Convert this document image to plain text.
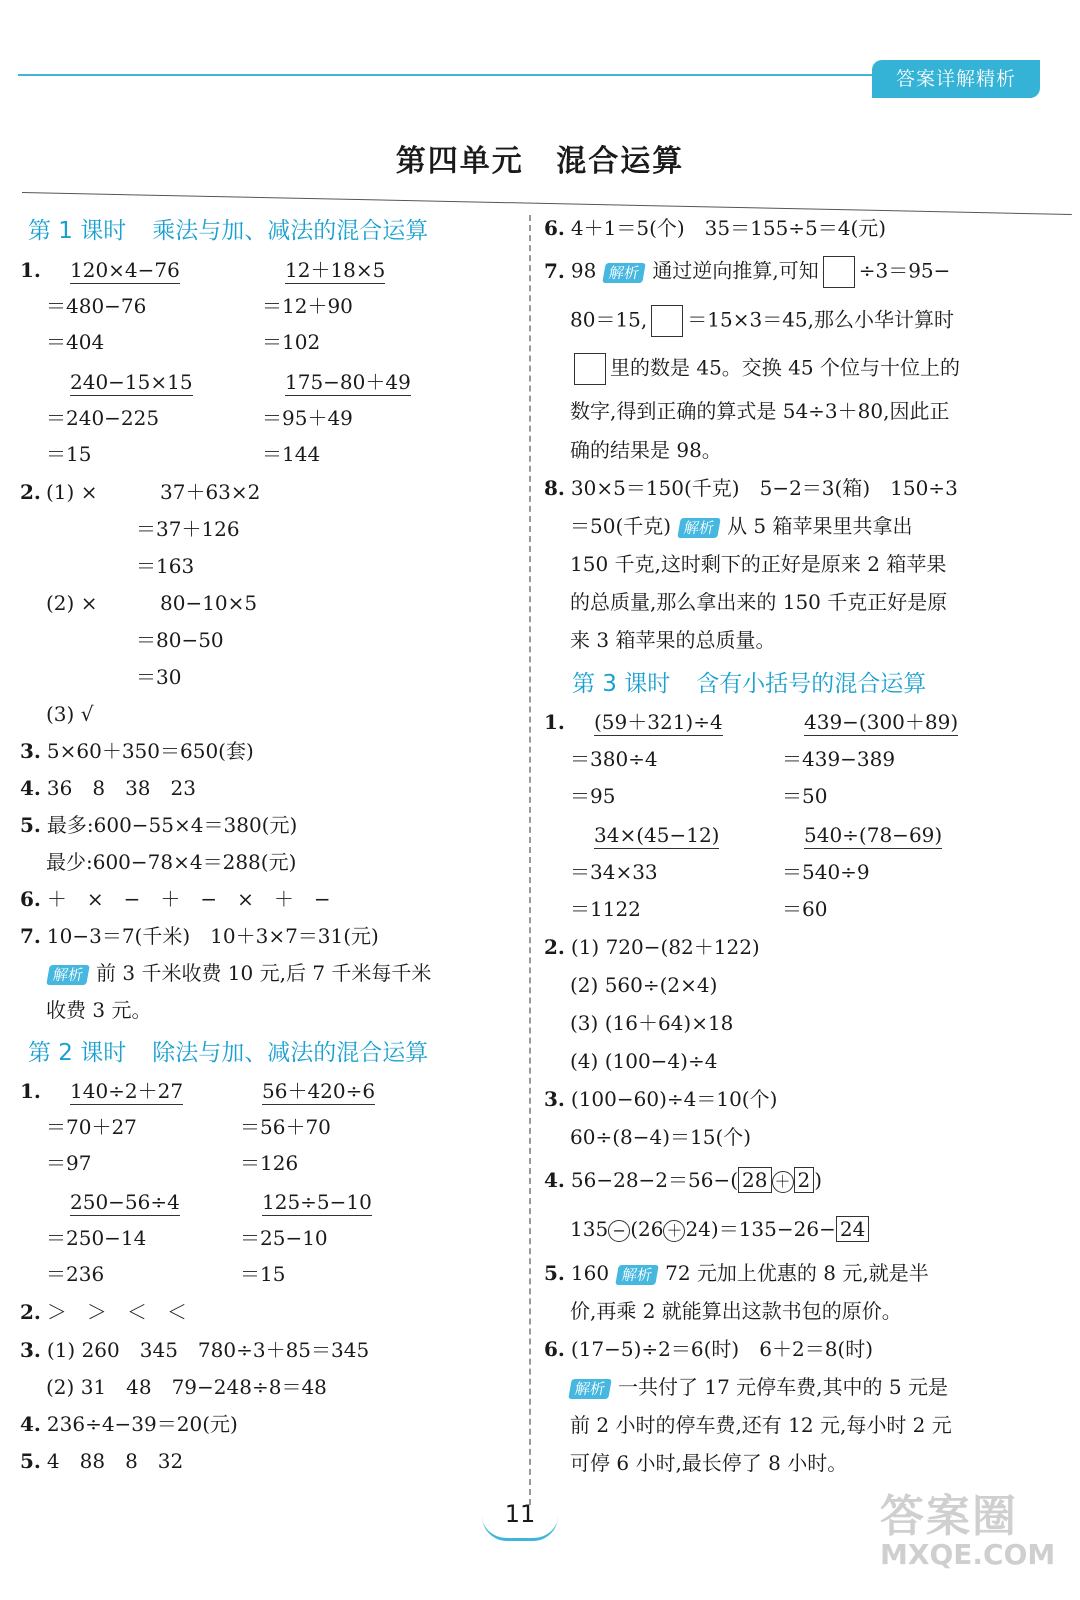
答案详解精析
第四单元 混合运算
第 1 课时 乘法与加、减法的混合运算
1.	120×4−76	12＋18×5
＝480−76	＝12＋90
＝404	＝102
240−15×15	175−80＋49
＝240−225	＝95＋49
＝15	＝144
2. (1) ×	37＋63×2
＝37＋126
＝163
(2) ×	80−10×5
＝80−50
＝30
(3) √
3. 5×60＋350＝650(套)
4. 36　8　38　23
5. 最多:600−55×4＝380(元)
最少:600−78×4＝288(元)
6. ＋　×　−　＋　−　×　＋　−
7. 10−3＝7(千米)　10＋3×7＝31(元)
解析 前 3 千米收费 10 元,后 7 千米每千米
收费 3 元。
第 2 课时 除法与加、减法的混合运算
1.	140÷2＋27	56＋420÷6
＝70＋27	＝56＋70
＝97	＝126
250−56÷4	125÷5−10
＝250−14	＝25−10
＝236	＝15
2. ＞　＞　＜　＜
3. (1) 260　345　780÷3＋85＝345
(2) 31　48　79−248÷8＝48
4. 236÷4−39＝20(元)
5. 4　88　8　32
6. 4＋1＝5(个)　35＝155÷5＝4(元)
7. 98 解析 通过逆向推算,可知 ÷3＝95−
80＝15, ＝15×3＝45,那么小华计算时
里的数是 45。交换 45 个位与十位上的
数字,得到正确的算式是 54÷3＋80,因此正
确的结果是 98。
8. 30×5＝150(千克)　5−2＝3(箱)　150÷3
＝50(千克) 解析 从 5 箱苹果里共拿出
150 千克,这时剩下的正好是原来 2 箱苹果
的总质量,那么拿出来的 150 千克正好是原
来 3 箱苹果的总质量。
第 3 课时 含有小括号的混合运算
1.	(59＋321)÷4	439−(300＋89)
＝380÷4	＝439−389
＝95	＝50
34×(45−12)	540÷(78−69)
＝34×33	＝540÷9
＝1122	＝60
2. (1) 720−(82＋122)
(2) 560÷(2×4)
(3) (16＋64)×18
(4) (100−4)÷4
3. (100−60)÷4＝10(个)
60÷(8−4)＝15(个)
4. 56−28−2＝56−( 28 ＋ 2 )
135 − (26 ＋ 24)＝135−26− 24
5. 160 解析 72 元加上优惠的 8 元,就是半
价,再乘 2 就能算出这款书包的原价。
6. (17−5)÷2＝6(时)　6＋2＝8(时)
解析 一共付了 17 元停车费,其中的 5 元是
前 2 小时的停车费,还有 12 元,每小时 2 元
可停 6 小时,最长停了 8 小时。
11	答案圈
MXQE.COM
